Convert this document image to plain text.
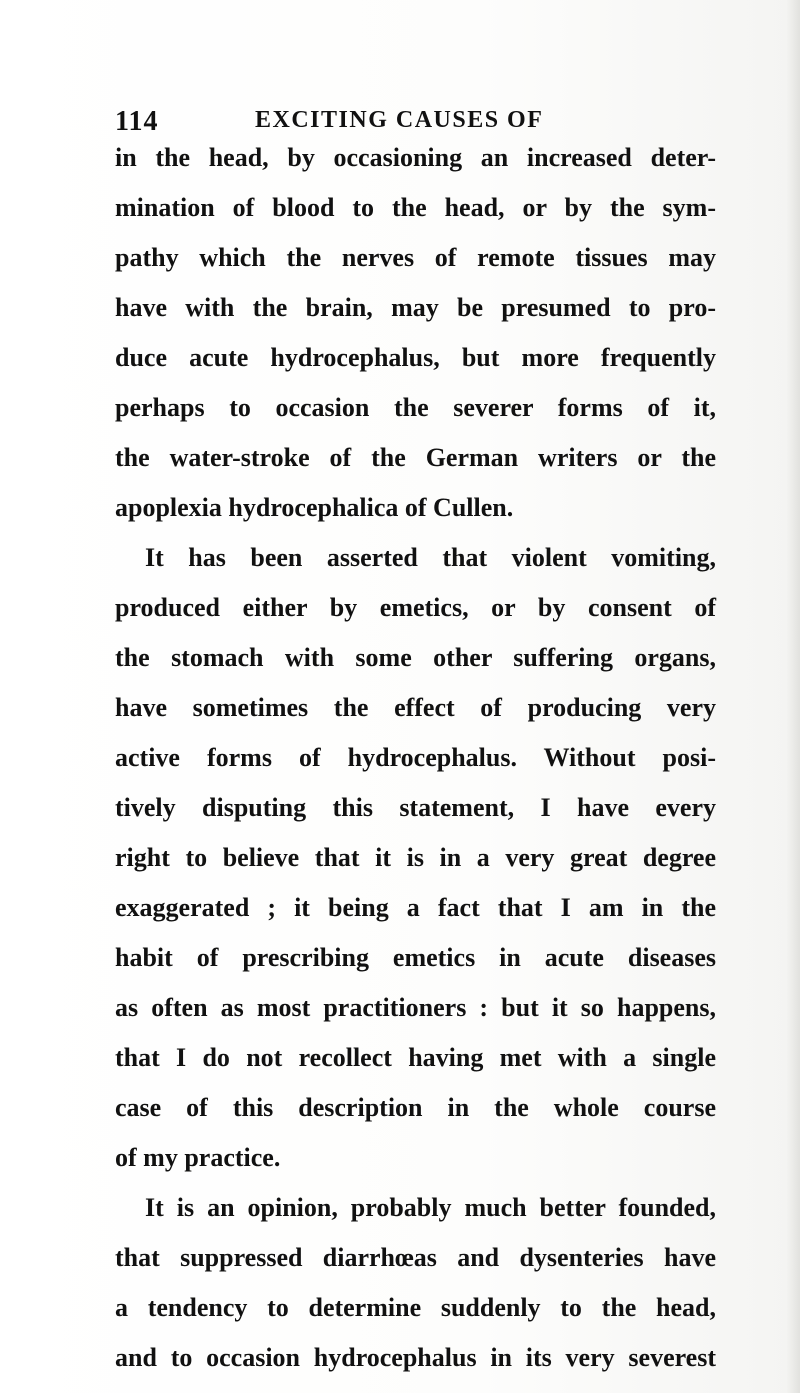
114	EXCITING CAUSES OF
in the head, by occasioning an increased deter-
mination of blood to the head, or by the sym-
pathy which the nerves of remote tissues may
have with the brain, may be presumed to pro-
duce acute hydrocephalus, but more frequently
perhaps to occasion the severer forms of it,
the water-stroke of the German writers or the
apoplexia hydrocephalica of Cullen.
It has been asserted that violent vomiting,
produced either by emetics, or by consent of
the stomach with some other suffering organs,
have sometimes the effect of producing very
active forms of hydrocephalus. Without posi-
tively disputing this statement, I have every
right to believe that it is in a very great degree
exaggerated ; it being a fact that I am in the
habit of prescribing emetics in acute diseases
as often as most practitioners : but it so happens,
that I do not recollect having met with a single
case of this description in the whole course
of my practice.
It is an opinion, probably much better founded,
that suppressed diarrhœas and dysenteries have
a tendency to determine suddenly to the head,
and to occasion hydrocephalus in its very severest
